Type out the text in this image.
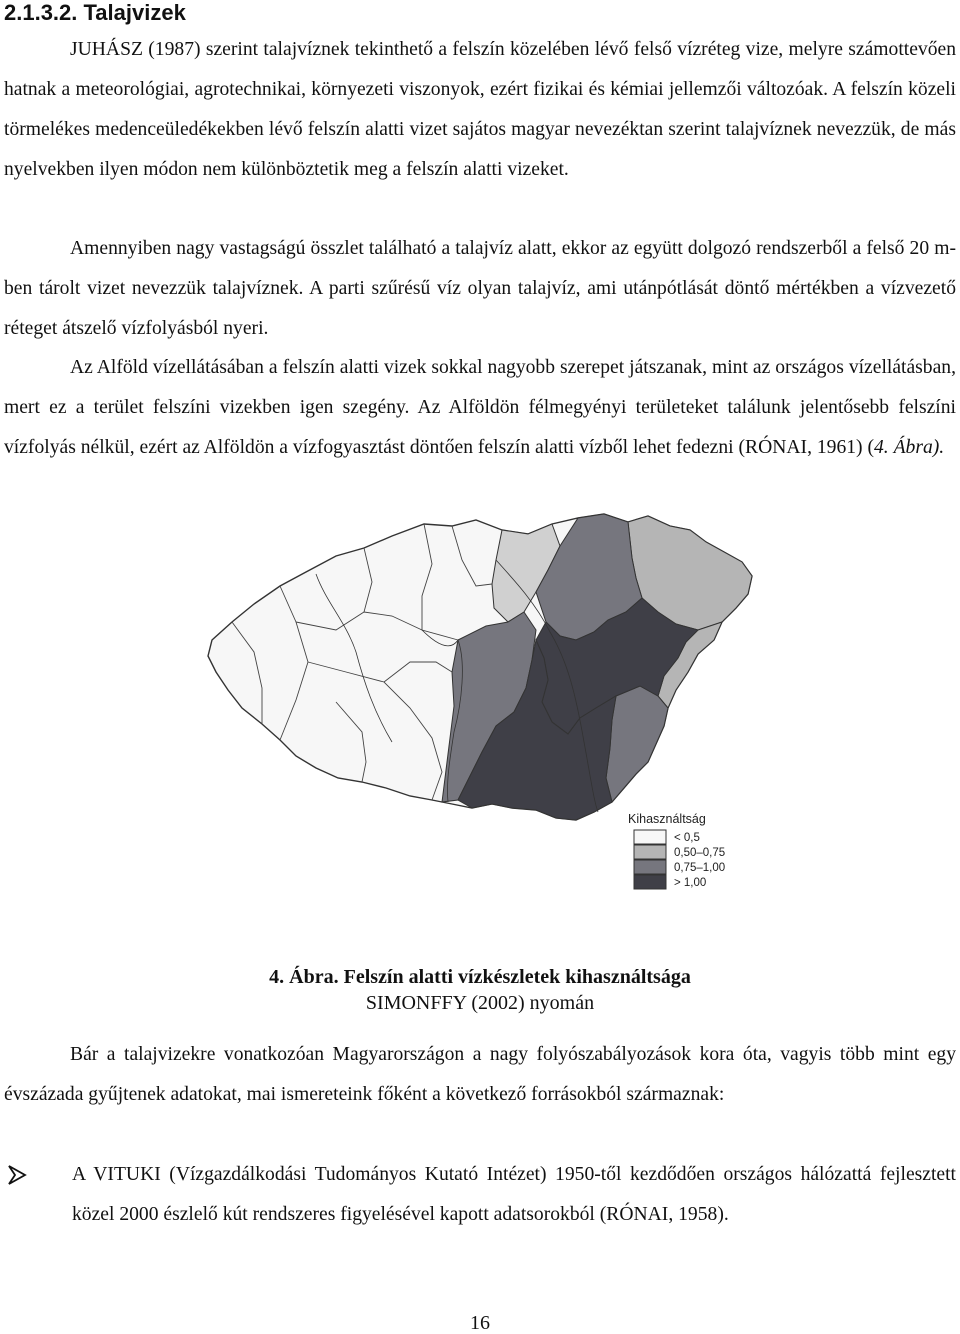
2.1.3.2. Talajvizek

JUHÁSZ (1987) szerint talajvíznek tekinthető a felszín közelében lévő felső vízréteg vize, melyre számottevően hatnak a meteorológiai, agrotechnikai, környezeti viszonyok, ezért fizikai és kémiai jellemzői változóak. A felszín közeli törmelékes medenceüledékekben lévő felszín alatti vizet sajátos magyar nevezéktan szerint talajvíznek nevezzük, de más nyelvekben ilyen módon nem különböztetik meg a felszín alatti vizeket.

Amennyiben nagy vastagságú összlet található a talajvíz alatt, ekkor az együtt dolgozó rendszerből a felső 20 m-ben tárolt vizet nevezzük talajvíznek. A parti szűrésű víz olyan talajvíz, ami utánpótlását döntő mértékben a vízvezető réteget átszelő vízfolyásból nyeri.

Az Alföld vízellátásában a felszín alatti vizek sokkal nagyobb szerepet játszanak, mint az országos vízellátásban, mert ez a terület felszíni vizekben igen szegény. Az Alföldön félmegyényi területeket találunk jelentősebb felszíni vízfolyás nélkül, ezért az Alföldön a vízfogyasztást döntően felszín alatti vízből lehet fedezni (RÓNAI, 1961) (4. Ábra).

Kihasználtság
< 0,5
0,50–0,75
0,75–1,00
> 1,00
4. Ábra. Felszín alatti vízkészletek kihasználtsága
SIMONFFY (2002) nyomán

Bár a talajvizekre vonatkozóan Magyarországon a nagy folyószabályozások kora óta, vagyis több mint egy évszázada gyűjtenek adatokat, mai ismereteink főként a következő forrásokból származnak:

A VITUKI (Vízgazdálkodási Tudományos Kutató Intézet) 1950-től kezdődően országos hálózattá fejlesztett közel 2000 észlelő kút rendszeres figyelésével kapott adatsorokból (RÓNAI, 1958).
16
